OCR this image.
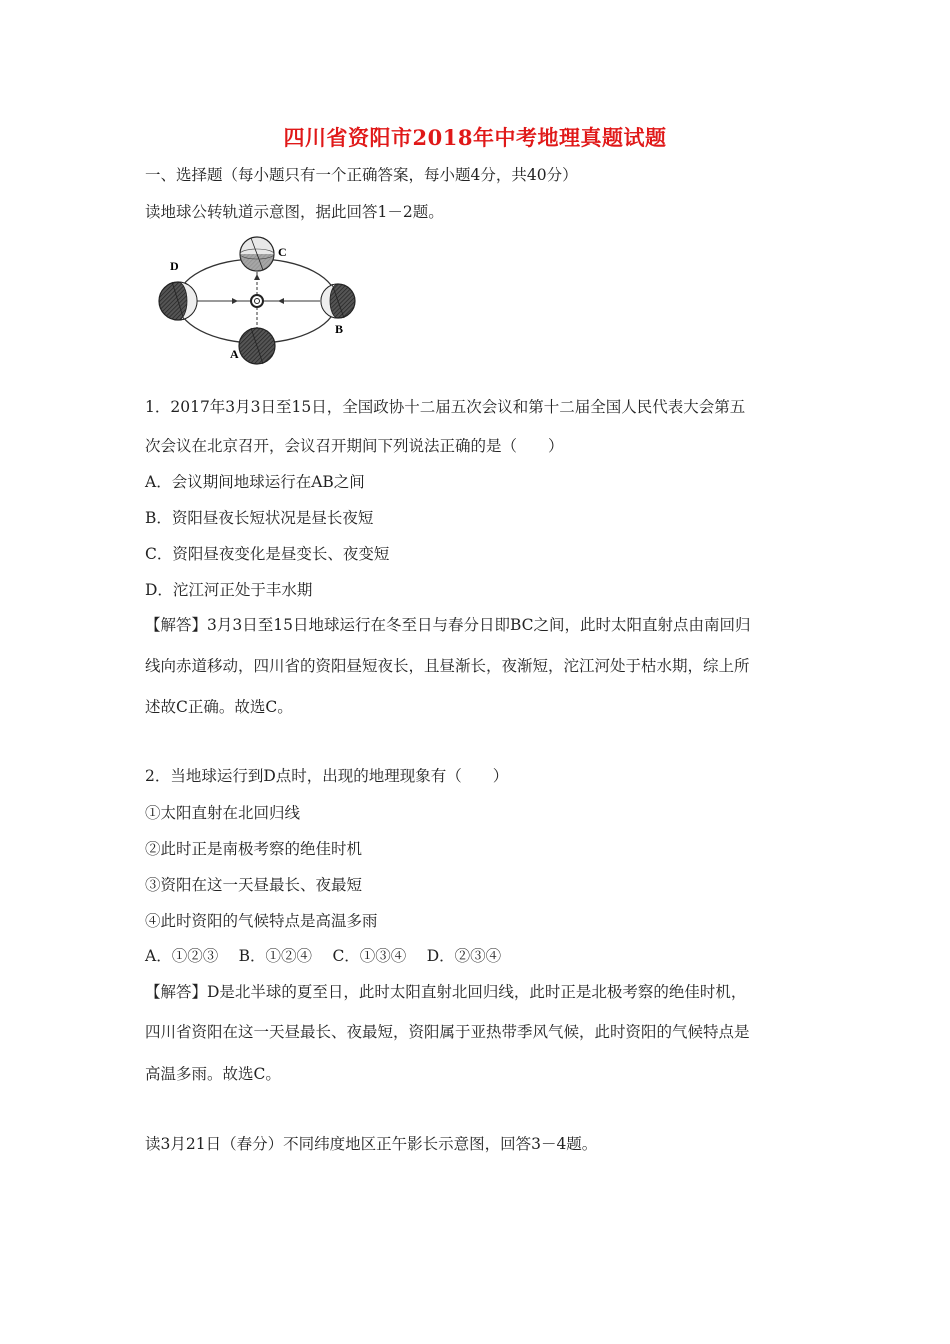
四川省资阳市2018年中考地理真题试题
一、选择题（每小题只有一个正确答案，每小题4分，共40分）
读地球公转轨道示意图，据此回答1－2题。
C
D
B
A
1．2017年3月3日至15日，全国政协十二届五次会议和第十二届全国人民代表大会第五
次会议在北京召开，会议召开期间下列说法正确的是（　　）
A．会议期间地球运行在AB之间
B．资阳昼夜长短状况是昼长夜短
C．资阳昼夜变化是昼变长、夜变短
D．沱江河正处于丰水期
【解答】3月3日至15日地球运行在冬至日与春分日即BC之间，此时太阳直射点由南回归
线向赤道移动，四川省的资阳昼短夜长，且昼渐长，夜渐短，沱江河处于枯水期，综上所
述故C正确。故选C。
2．当地球运行到D点时，出现的地理现象有（　　）
①太阳直射在北回归线
②此时正是南极考察的绝佳时机
③资阳在这一天昼最长、夜最短
④此时资阳的气候特点是高温多雨
A．①②③　 B．①②④　 C．①③④　 D．②③④
【解答】D是北半球的夏至日，此时太阳直射北回归线，此时正是北极考察的绝佳时机，
四川省资阳在这一天昼最长、夜最短，资阳属于亚热带季风气候，此时资阳的气候特点是
高温多雨。故选C。
读3月21日（春分）不同纬度地区正午影长示意图，回答3－4题。
